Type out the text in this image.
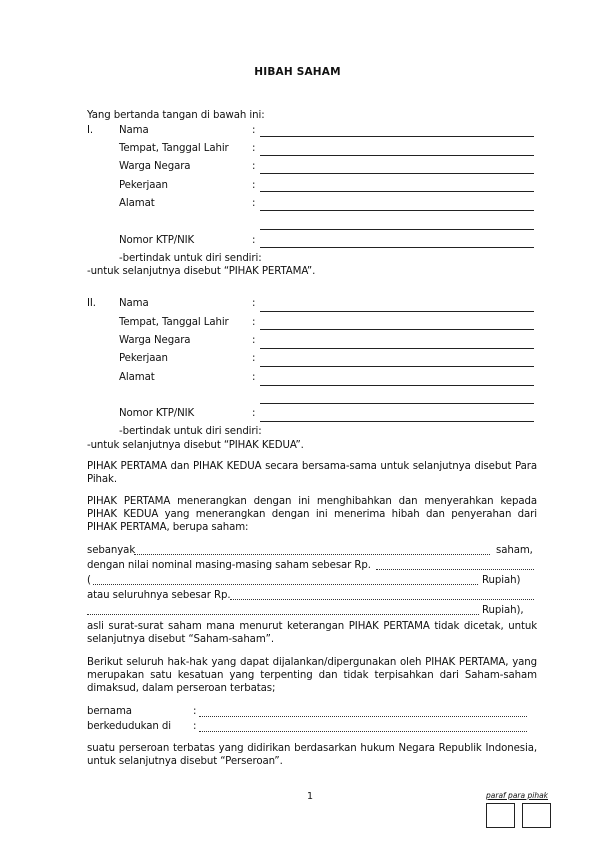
HIBAH SAHAM
Yang bertanda tangan di bawah ini:
I.	Nama	:
Tempat, Tanggal Lahir :
Warga Negara	:
Pekerjaan	:
Alamat	:
Nomor KTP/NIK	:
-bertindak untuk diri sendiri:
-untuk selanjutnya disebut “PIHAK PERTAMA”.
II. Nama	:
Tempat, Tanggal Lahir :
Warga Negara	:
Pekerjaan	:
Alamat	:
Nomor KTP/NIK	:
-bertindak untuk diri sendiri:
-untuk selanjutnya disebut “PIHAK KEDUA”.
PIHAK PERTAMA dan PIHAK KEDUA secara bersama-sama untuk selanjutnya disebut Para Pihak.
PIHAK PERTAMA menerangkan dengan ini menghibahkan dan menyerahkan kepada PIHAK KEDUA yang menerangkan dengan ini menerima hibah dan penyerahan dari PIHAK PERTAMA, berupa saham:
sebanyak	saham,
dengan nilai nominal masing-masing saham sebesar Rp.
(	Rupiah)
atau seluruhnya sebesar Rp.
Rupiah),
asli surat-surat saham mana menurut keterangan PIHAK PERTAMA tidak dicetak, untuk selanjutnya disebut “Saham-saham”.
Berikut seluruh hak-hak yang dapat dijalankan/dipergunakan oleh PIHAK PERTAMA, yang merupakan satu kesatuan yang terpenting dan tidak terpisahkan dari Saham-saham dimaksud, dalam perseroan terbatas;
bernama	:
berkedudukan di :
suatu perseroan terbatas yang didirikan berdasarkan hukum Negara Republik Indonesia, untuk selanjutnya disebut “Perseroan”.
1	paraf para pihak
